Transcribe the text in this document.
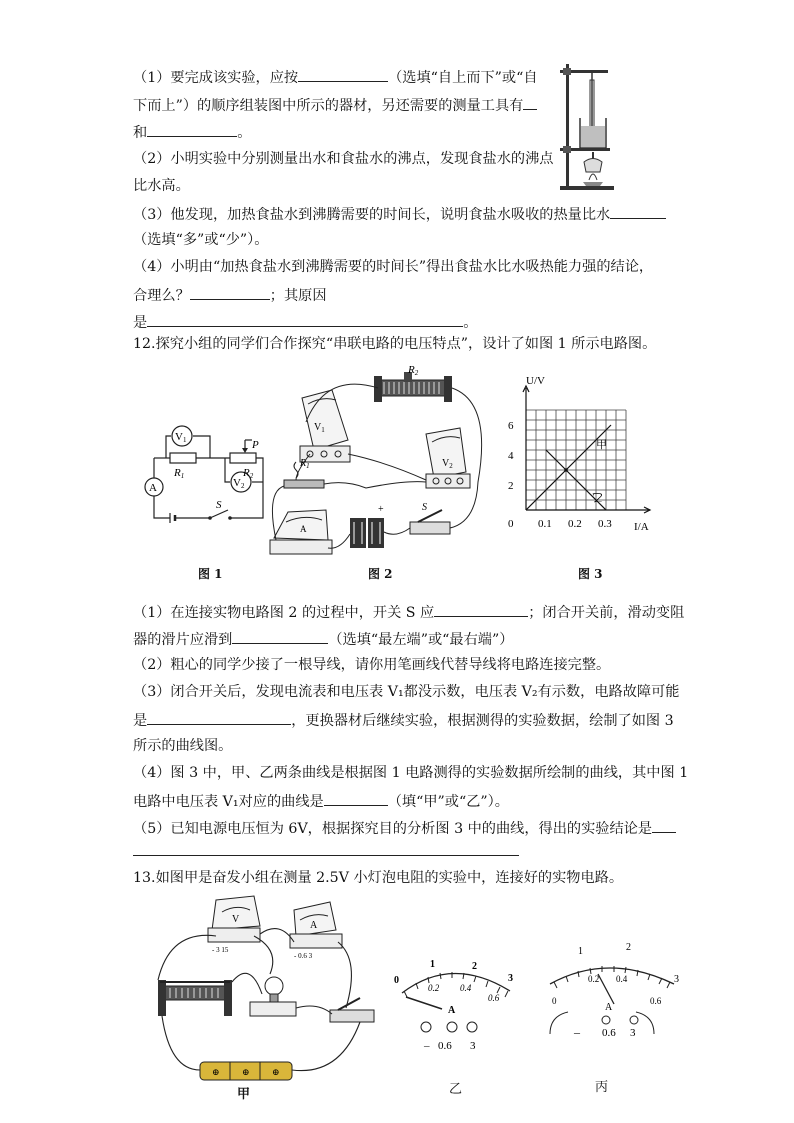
（1）要完成该实验，应按	（选填“自上而下”或“自
下而上”）的顺序组装图中所示的器材，另还需要的测量工具有
和	。
（2）小明实验中分别测量出水和食盐水的沸点，发现食盐水的沸点
比水高。
（3）他发现，加热食盐水到沸腾需要的时间长，说明食盐水吸收的热量比水
（选填“多”或“少”）。
（4）小明由“加热食盐水到沸腾需要的时间长”得出食盐水比水吸热能力强的结论，
合理么？	；其原因
是	。
12.探究小组的同学们合作探究“串联电路的电压特点”，设计了如图 1 所示电路图。
V1
A	V2
R1	R2
P
S
图 1
R2
$V_1$
$R_1$	$V_2$
A
+	S
图 2
U/V
I/A
甲
乙
6
4
2
0 0.1 0.2 0.3
图 3
（1）在连接实物电路图 2 的过程中，开关 S 应	；闭合开关前，滑动变阻
器的滑片应滑到	（选填“最左端”或“最右端”）
（2）粗心的同学少接了一根导线，请你用笔画线代替导线将电路连接完整。
（3）闭合开关后，发现电流表和电压表 V₁都没示数，电压表 V₂有示数，电路故障可能
是	，更换器材后继续实验，根据测得的实验数据，绘制了如图 3
所示的曲线图。
（4）图 3 中，甲、乙两条曲线是根据图 1 电路测得的实验数据所绘制的曲线，其中图 1
电路中电压表 V₁对应的曲线是	（填“甲”或“乙”）。
（5）已知电源电压恒为 6V，根据探究目的分析图 3 中的曲线，得出的实验结论是
13.如图甲是奋发小组在测量 2.5V 小灯泡电阻的实验中，连接好的实物电路。
V
- 3 15
A
- 0.6 3
⊕ ⊕ ⊕
甲
0
1	2
3
0.2 0.4
0.6
A
– 0.6 3
乙
1	2
3
0
0.2 0.4
0.6
A
– 0.6 3
丙
